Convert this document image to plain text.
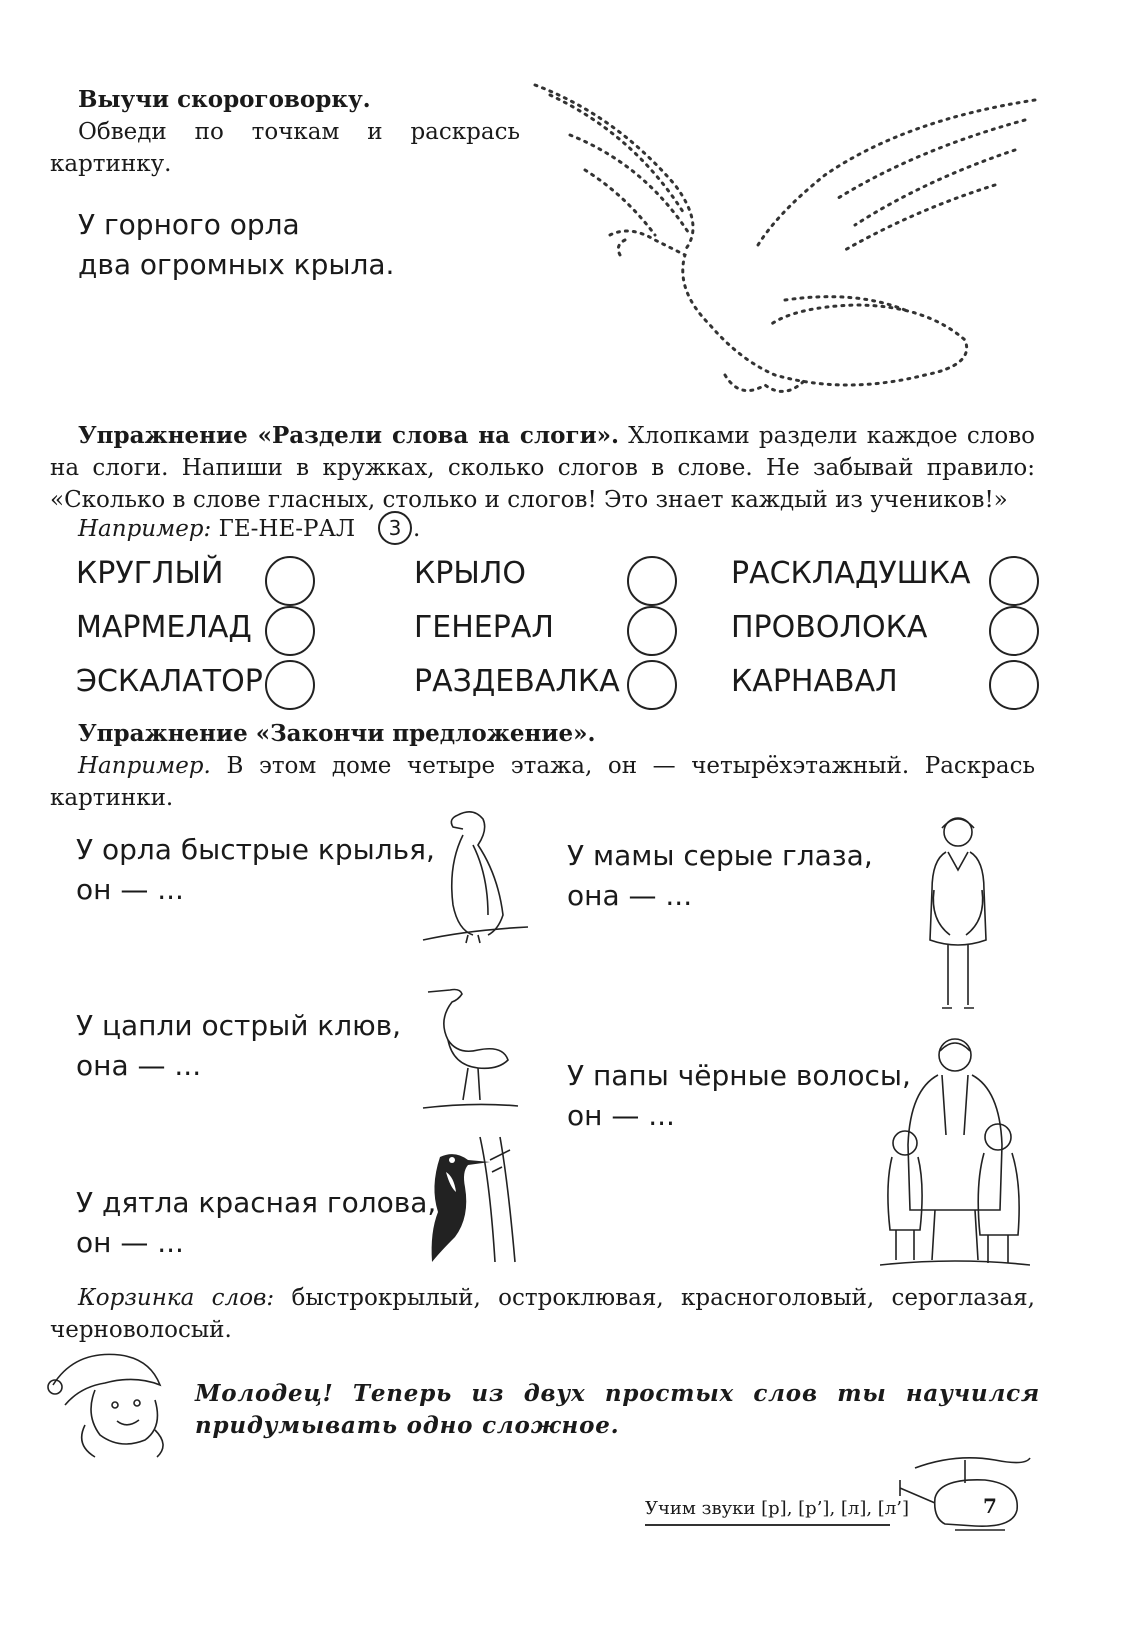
Выучи скороговорку.
Обведи по точкам и раскрась картинку.
У горного орла
два огромных крыла.
Упражнение «Раздели слова на слоги». Хлопками раздели каждое слово на слоги. Напиши в кружках, сколько слогов в слове. Не забывай правило: «Сколько в слове гласных, столько и слогов! Это знает каждый из учеников!»
Например: ГЕ-НЕ-РАЛ	3 .
КРУГЛЫЙ	КРЫЛО	РАСКЛАДУШКА
МАРМЕЛАД	ГЕНЕРАЛ	ПРОВОЛОКА
ЭСКАЛАТОР	РАЗДЕВАЛКА	КАРНАВАЛ
Упражнение «Закончи предложение».
Например. В этом доме четыре этажа, он — четырёхэтажный. Раскрась картинки.
У орла быстрые крылья,
он — ...
У мамы серые глаза,
она — ...
У цапли острый клюв,
она — ...	У папы чёрные волосы,
он — ...
У дятла красная голова,
он — ...
Корзинка слов: быстрокрылый, остроклювая, красноголовый, сероглазая, черноволосый.
Молодец! Теперь из двух простых слов ты научился придумывать одно сложное.
Учим звуки [р], [р’], [л], [л’]	7
